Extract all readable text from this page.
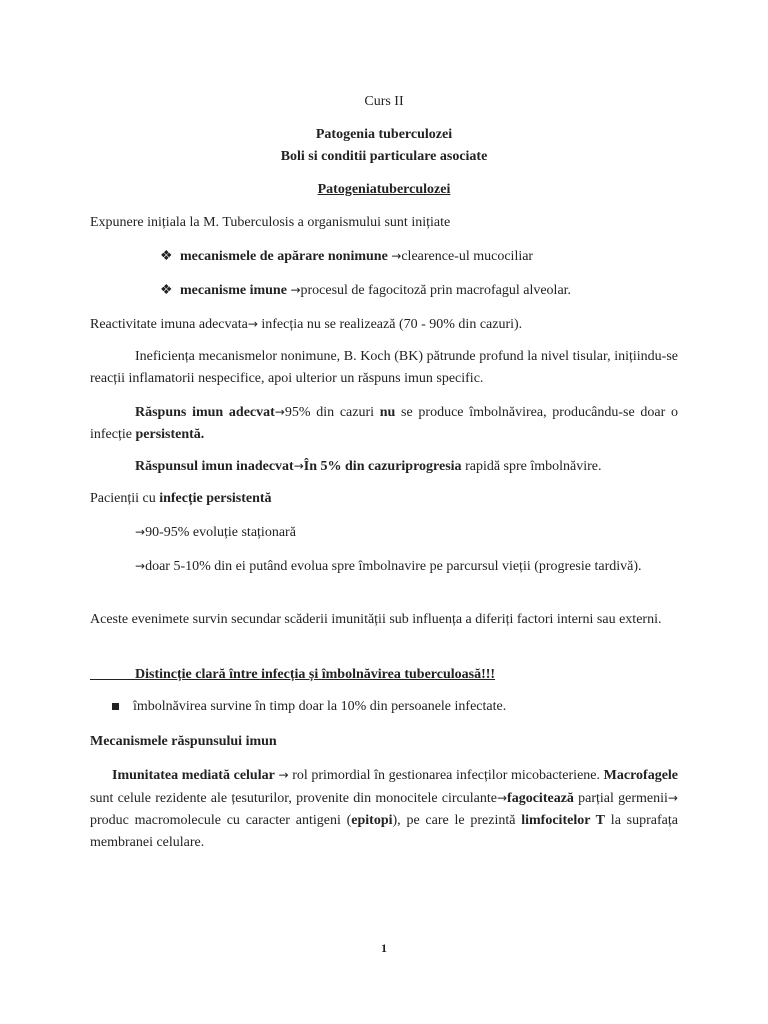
Curs II
Patogenia tuberculozei
Boli si conditii particulare asociate
Patogeniatuberculozei
Expunere inițiala la M. Tuberculosis a organismului sunt inițiate
❖ mecanismele de apărare nonimune →clearence-ul mucociliar
❖ mecanisme imune →procesul de fagocitoză prin macrofagul alveolar.
Reactivitate imuna adecvata→ infecția nu se realizează (70 - 90% din cazuri).
Ineficiența mecanismelor nonimune, B. Koch (BK) pătrunde profund la nivel tisular, inițiindu-se reacții inflamatorii nespecifice, apoi ulterior un răspuns imun specific.
Răspuns imun adecvat→95% din cazuri nu se produce îmbolnăvirea, producându-se doar o infecție persistentă.
Răspunsul imun inadecvat→În 5% din cazuriprogresia rapidă spre îmbolnăvire.
Pacienții cu infecție persistentă
→90-95% evoluție staționară
→doar 5-10% din ei putând evolua spre îmbolnavire pe parcursul vieții (progresie tardivă).
Aceste evenimete survin secundar scăderii imunității sub influența a diferiți factori interni sau externi.
Distincție clară între infecția și îmbolnăvirea tuberculoasă!!!
îmbolnăvirea survine în timp doar la 10% din persoanele infectate.
Mecanismele răspunsului imun
Imunitatea mediată celular → rol primordial în gestionarea infecților micobacteriene. Macrofagele sunt celule rezidente ale țesuturilor, provenite din monocitele circulante→fagocitează parțial germenii→ produc macromolecule cu caracter antigeni (epitopi), pe care le prezintă limfocitelor T la suprafața membranei celulare.
1
